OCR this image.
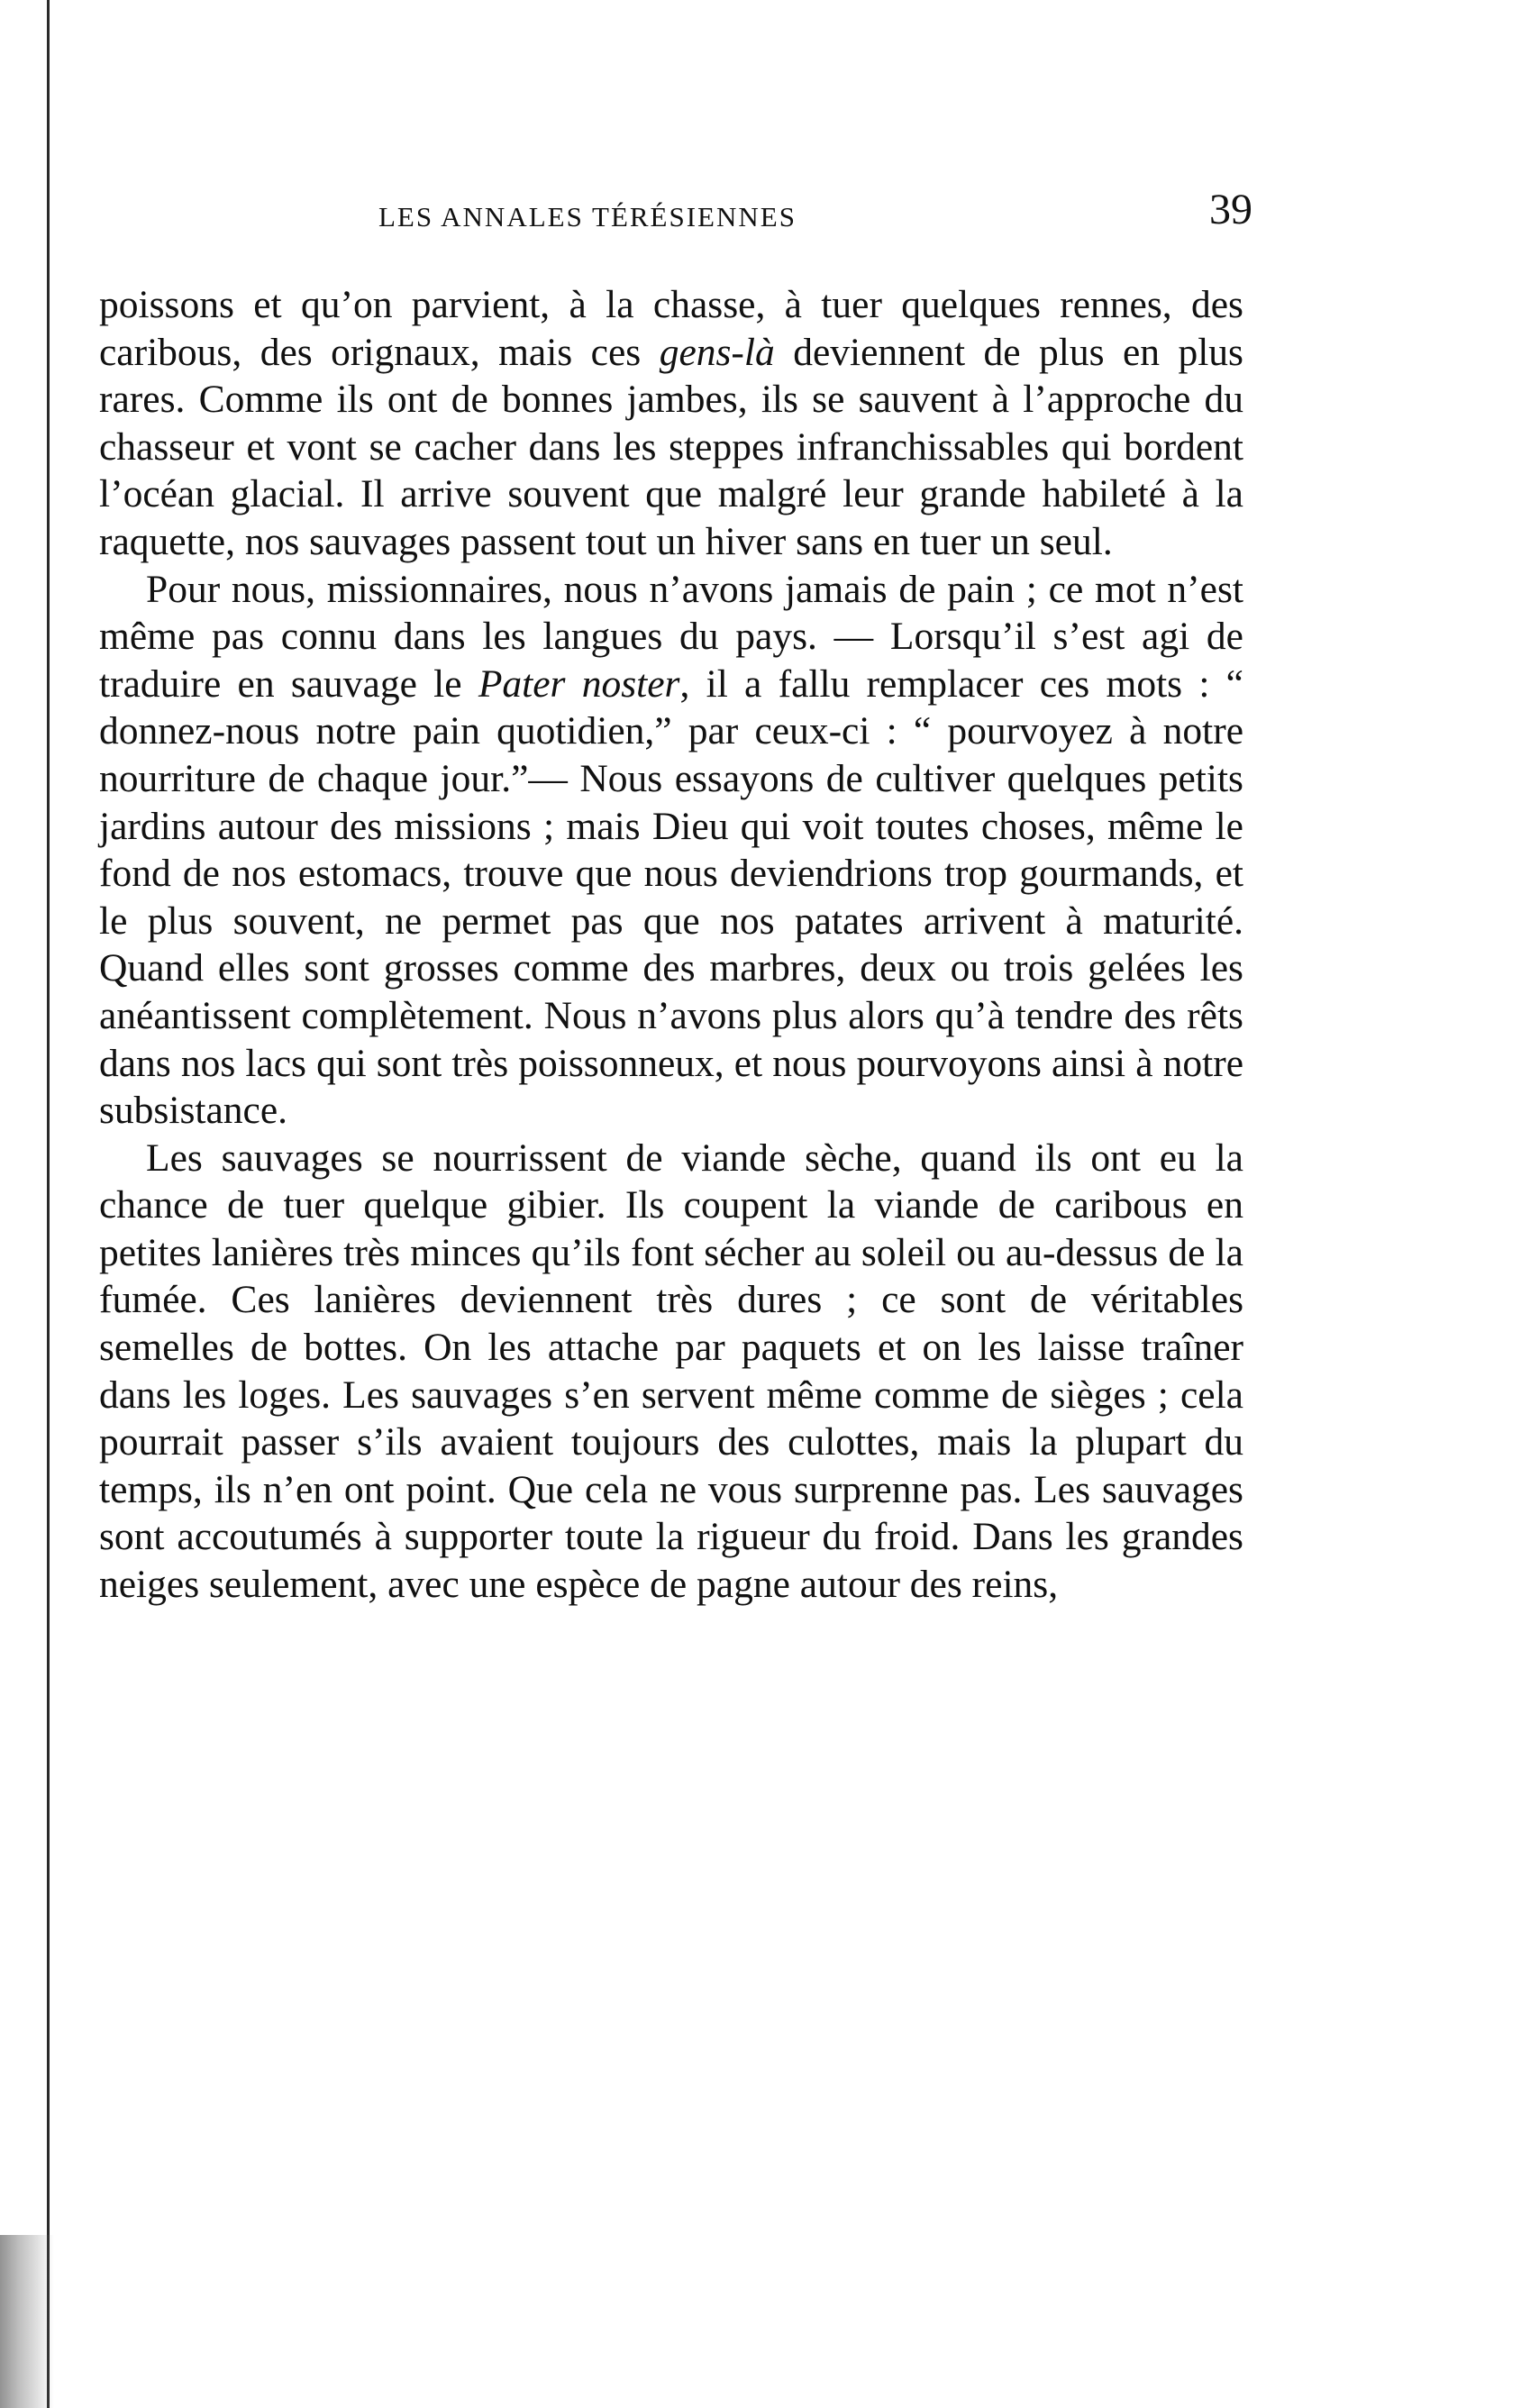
LES ANNALES TÉRÉSIENNES	39

poissons et qu’on parvient, à la chasse, à tuer quelques rennes, des caribous, des orignaux, mais ces gens-là deviennent de plus en plus rares. Comme ils ont de bonnes jambes, ils se sauvent à l’approche du chasseur et vont se cacher dans les steppes infranchissables qui bordent l’océan glacial. Il arrive souvent que malgré leur grande habileté à la raquette, nos sauvages passent tout un hiver sans en tuer un seul.

Pour nous, missionnaires, nous n’avons jamais de pain ; ce mot n’est même pas connu dans les langues du pays. — Lorsqu’il s’est agi de traduire en sauvage le Pater noster, il a fallu remplacer ces mots : “ donnez-nous notre pain quotidien,” par ceux-ci : “ pourvoyez à notre nourriture de chaque jour.”— Nous essayons de cultiver quelques petits jardins autour des missions ; mais Dieu qui voit toutes choses, même le fond de nos estomacs, trouve que nous deviendrions trop gourmands, et le plus souvent, ne permet pas que nos patates arrivent à maturité. Quand elles sont grosses comme des marbres, deux ou trois gelées les anéantissent complètement. Nous n’avons plus alors qu’à tendre des rêts dans nos lacs qui sont très poissonneux, et nous pourvoyons ainsi à notre subsistance.

Les sauvages se nourrissent de viande sèche, quand ils ont eu la chance de tuer quelque gibier. Ils coupent la viande de caribous en petites lanières très minces qu’ils font sécher au soleil ou au-dessus de la fumée. Ces lanières deviennent très dures ; ce sont de véritables semelles de bottes. On les attache par paquets et on les laisse traîner dans les loges. Les sauvages s’en servent même comme de sièges ; cela pourrait passer s’ils avaient toujours des culottes, mais la plupart du temps, ils n’en ont point. Que cela ne vous surprenne pas. Les sauvages sont accoutumés à supporter toute la rigueur du froid. Dans les grandes neiges seulement, avec une espèce de pagne autour des reins,
